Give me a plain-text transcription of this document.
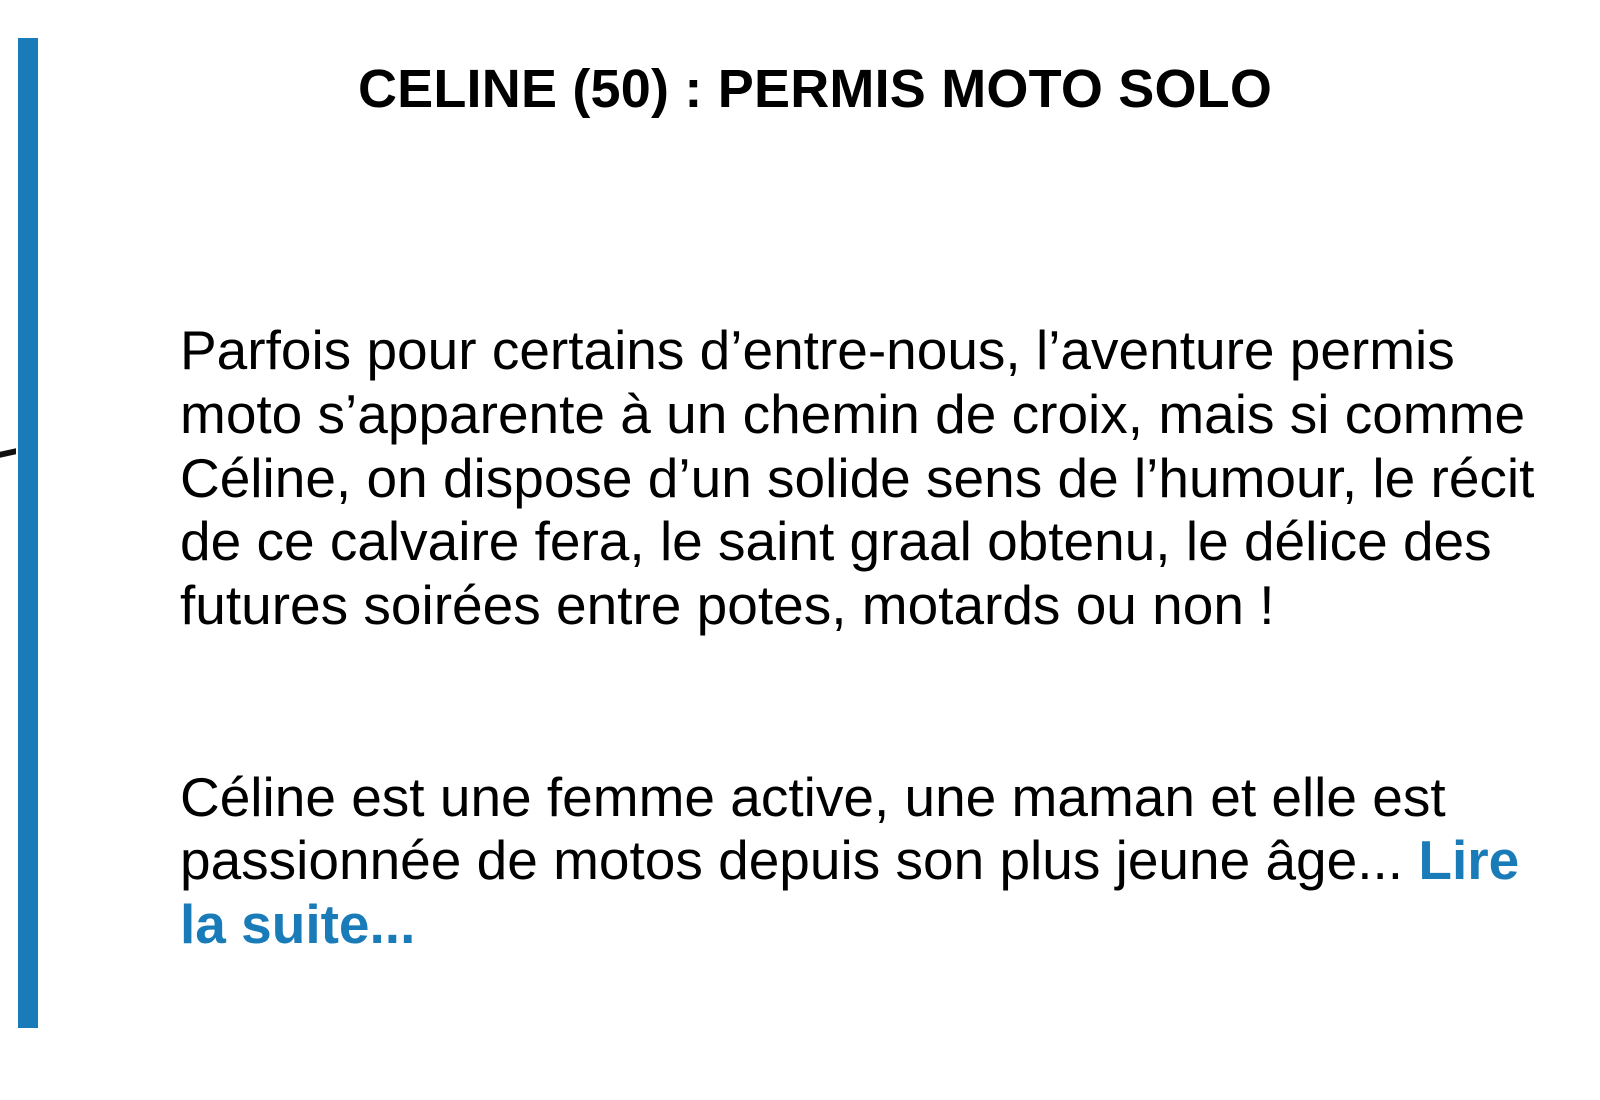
CELINE (50) : PERMIS MOTO SOLO

Parfois pour certains d’entre-nous, l’aventure permis moto s’apparente à un chemin de croix, mais si comme Céline, on dispose d’un solide sens de l’humour, le récit de ce calvaire fera, le saint graal obtenu, le délice des futures soirées entre potes, motards ou non !

Céline est une femme active, une maman et elle est passionnée de motos depuis son plus jeune âge... Lire la suite...
